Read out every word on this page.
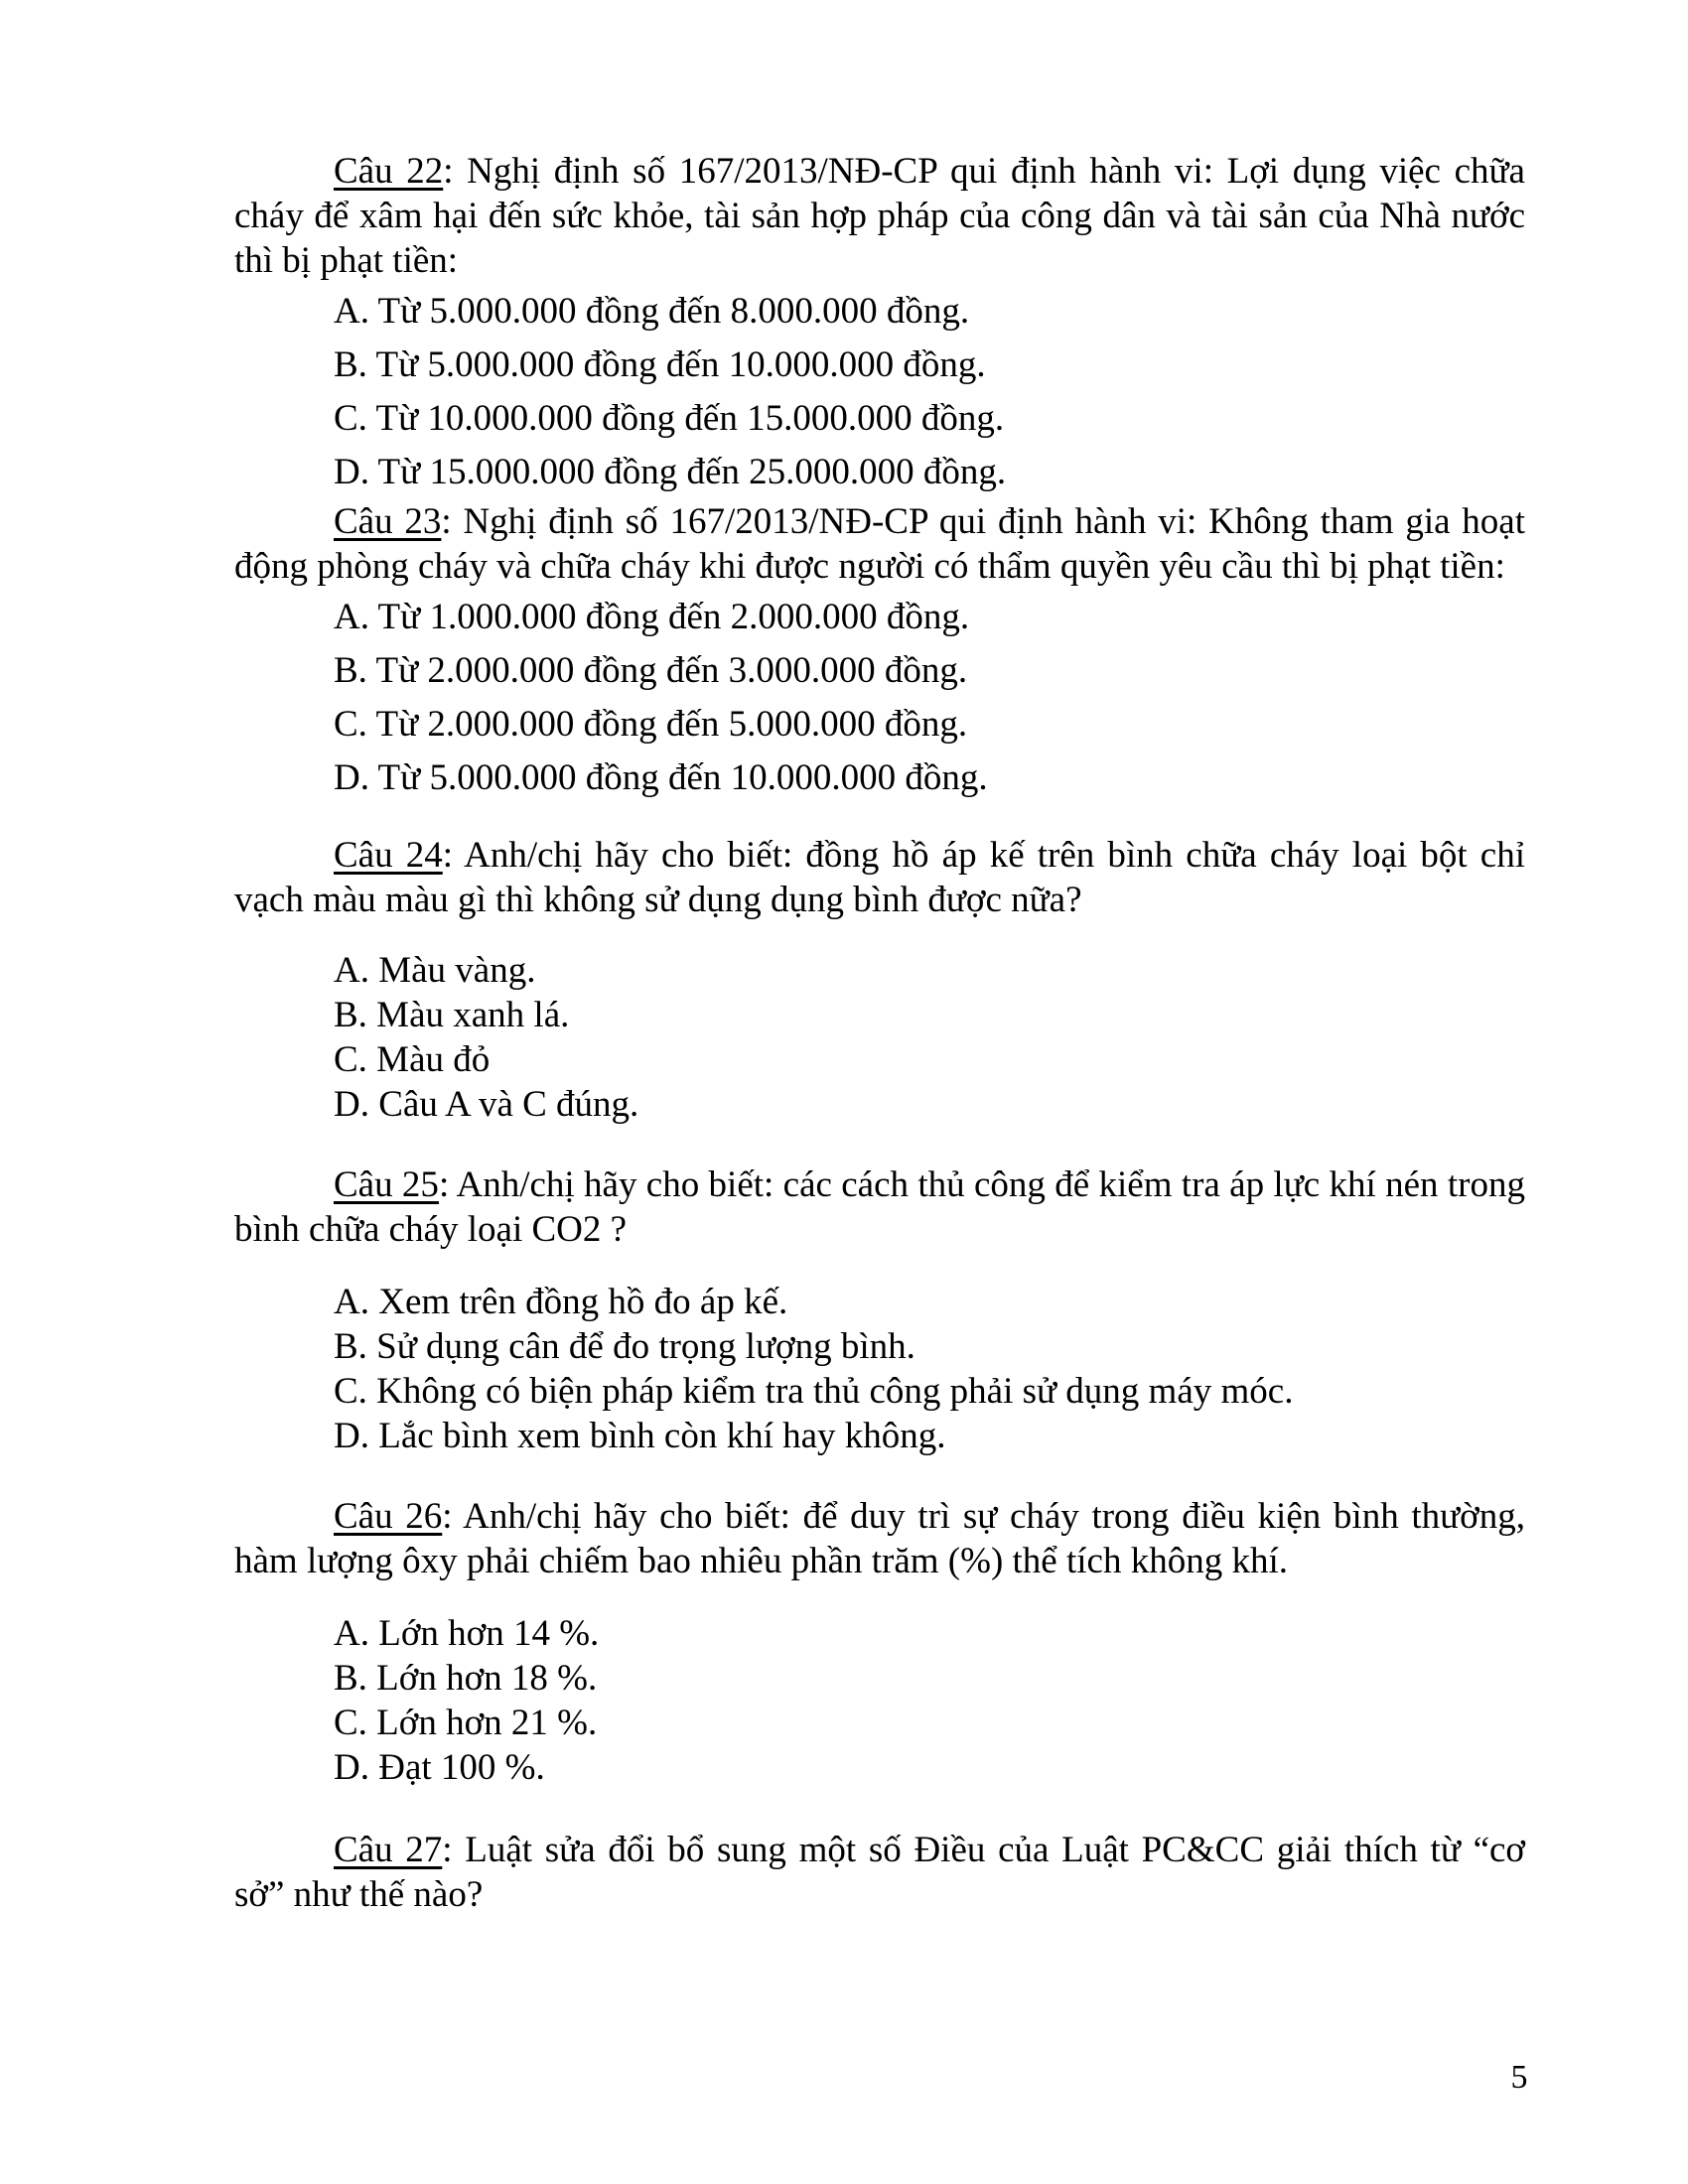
Câu 22: Nghị định số 167/2013/NĐ-CP qui định hành vi: Lợi dụng việc chữa cháy để xâm hại đến sức khỏe, tài sản hợp pháp của công dân và tài sản của Nhà nước thì bị phạt tiền:
A. Từ 5.000.000 đồng đến 8.000.000 đồng.
B. Từ 5.000.000 đồng đến 10.000.000 đồng.
C. Từ 10.000.000 đồng đến 15.000.000 đồng.
D. Từ 15.000.000 đồng đến 25.000.000 đồng.
Câu 23: Nghị định số 167/2013/NĐ-CP qui định hành vi: Không tham gia hoạt động phòng cháy và chữa cháy khi được người có thẩm quyền yêu cầu thì bị phạt tiền:
A. Từ 1.000.000 đồng đến 2.000.000 đồng.
B. Từ 2.000.000 đồng đến 3.000.000 đồng.
C. Từ 2.000.000 đồng đến 5.000.000 đồng.
D. Từ 5.000.000 đồng đến 10.000.000 đồng.
Câu 24: Anh/chị hãy cho biết: đồng hồ áp kế trên bình chữa cháy loại bột chỉ vạch màu màu gì thì không sử dụng dụng bình được nữa?
A. Màu vàng.
B. Màu xanh lá.
C. Màu đỏ
D. Câu A và C đúng.
Câu 25: Anh/chị hãy cho biết: các cách thủ công để kiểm tra áp lực khí nén trong bình chữa cháy loại CO2 ?
A. Xem trên đồng hồ đo áp kế.
B. Sử dụng cân để đo trọng lượng bình.
C. Không có biện pháp kiểm tra thủ công phải sử dụng máy móc.
D. Lắc bình xem bình còn khí hay không.
Câu 26: Anh/chị hãy cho biết: để duy trì sự cháy trong điều kiện bình thường, hàm lượng ôxy phải chiếm bao nhiêu phần trăm (%) thể tích không khí.
A. Lớn hơn 14 %.
B. Lớn hơn 18 %.
C. Lớn hơn 21 %.
D. Đạt 100 %.
Câu 27: Luật sửa đổi bổ sung một số Điều của Luật PC&CC giải thích từ “cơ sở” như thế nào?
5
